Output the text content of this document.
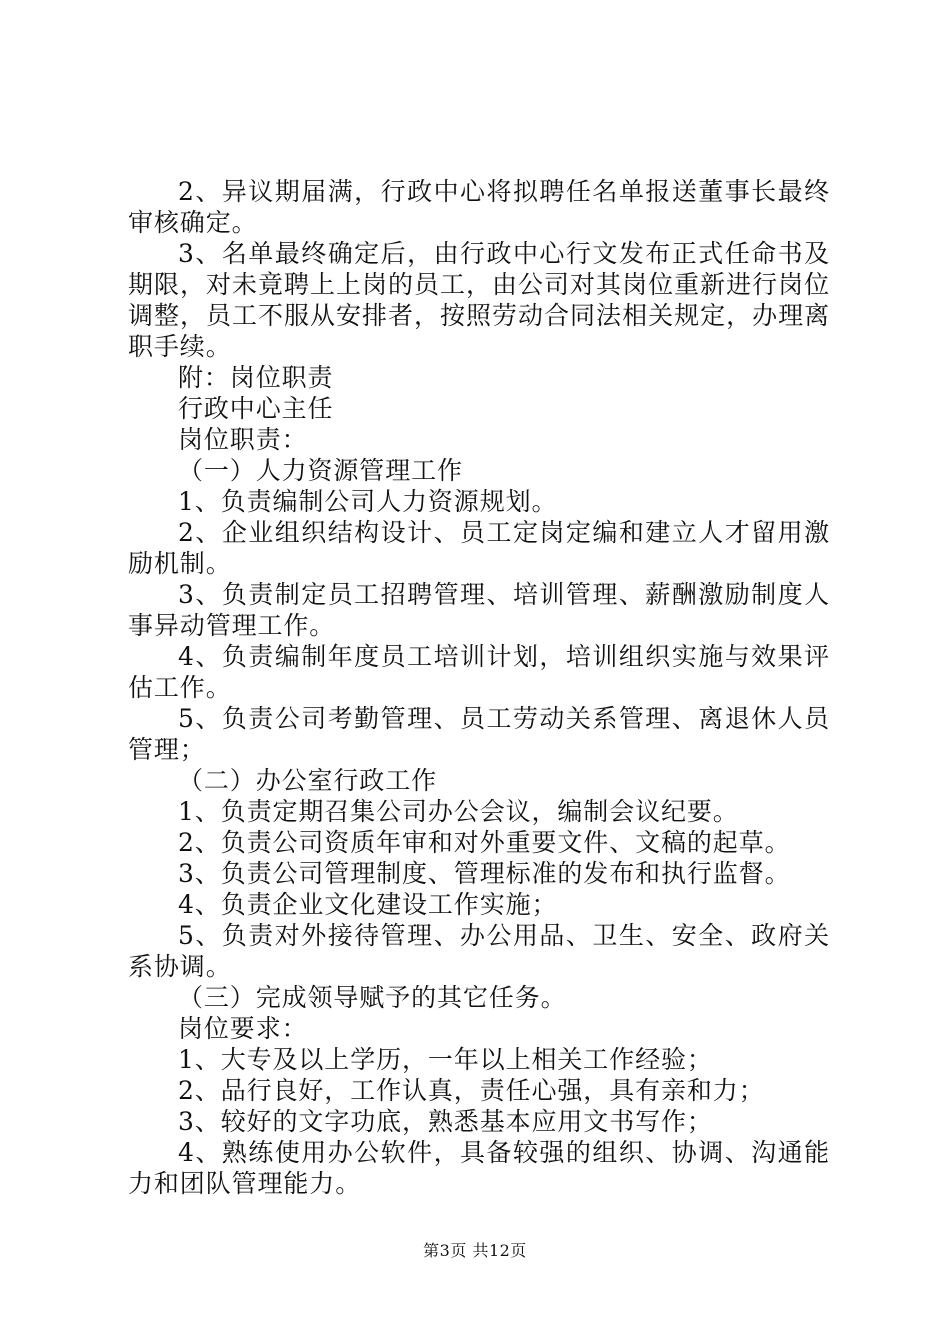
2、异议期届满，行政中心将拟聘任名单报送董事长最终审核确定。

3、名单最终确定后，由行政中心行文发布正式任命书及期限，对未竟聘上上岗的员工，由公司对其岗位重新进行岗位调整，员工不服从安排者，按照劳动合同法相关规定，办理离职手续。

附：岗位职责

行政中心主任

岗位职责：

（一）人力资源管理工作

1、负责编制公司人力资源规划。

2、企业组织结构设计、员工定岗定编和建立人才留用激励机制。

3、负责制定员工招聘管理、培训管理、薪酬激励制度人事异动管理工作。

4、负责编制年度员工培训计划，培训组织实施与效果评估工作。

5、负责公司考勤管理、员工劳动关系管理、离退休人员管理；

（二）办公室行政工作

1、负责定期召集公司办公会议，编制会议纪要。

2、负责公司资质年审和对外重要文件、文稿的起草。

3、负责公司管理制度、管理标准的发布和执行监督。

4、负责企业文化建设工作实施；

5、负责对外接待管理、办公用品、卫生、安全、政府关系协调。

（三）完成领导赋予的其它任务。

岗位要求：

1、大专及以上学历，一年以上相关工作经验；

2、品行良好，工作认真，责任心强，具有亲和力；

3、较好的文字功底，熟悉基本应用文书写作；

4、熟练使用办公软件，具备较强的组织、协调、沟通能力和团队管理能力。

第3页 共12页
